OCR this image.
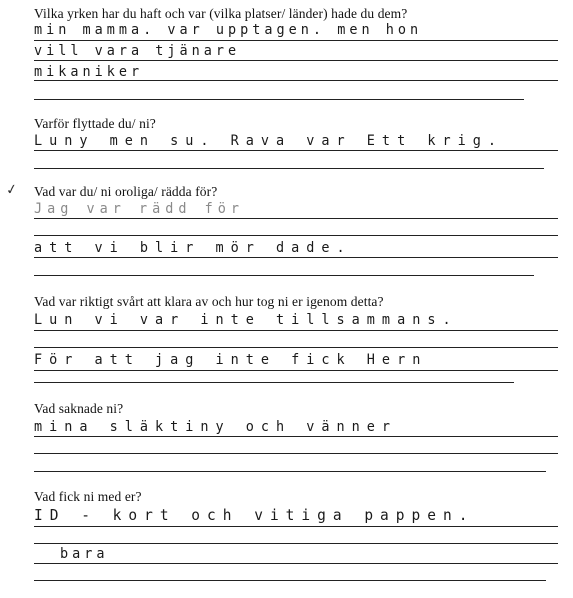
Vilka yrken har du haft och var (vilka platser/ länder) hade du dem?
min mamma. var upptagen. men hon
vill vara tjänare
mikaniker
Varför flyttade du/ ni?
Luny men su. Rava var Ett krig.
✓ Vad var du/ ni oroliga/ rädda för?
Jag var rädd för
att vi blir mör dade.
Vad var riktigt svårt att klara av och hur tog ni er igenom detta?
Lun vi var inte tillsammans.
För att jag inte fick Hern
Vad saknade ni?
mina släktiny och vänner
Vad fick ni med er?
ID - kort och vitiga pappen.
bara
